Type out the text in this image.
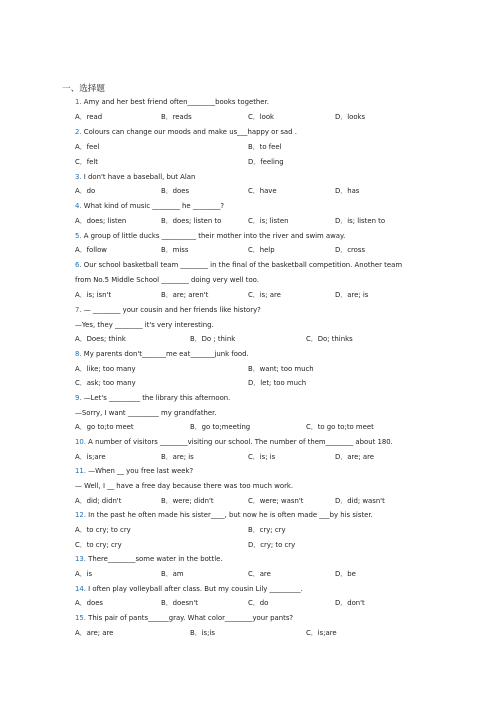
一、选择题
1. Amy and her best friend often________books together.
A．read	B．reads	C．look	D．looks
2. Colours can change our moods and make us___happy or sad .
A．feel	B．to feel
C．felt	D．feeling
3. I don't have a baseball, but Alan
A．do	B．does	C．have	D．has
4. What kind of music ________ he ________?
A．does; listen	B．does; listen to	C．is; listen	D．is; listen to
5. A group of little ducks __________ their mother into the river and swim away.
A．follow	B．miss	C．help	D．cross
6. Our school basketball team ________ in the final of the basketball competition. Another team
from No.5 Middle School ________ doing very well too.
A．is; isn't	B．are; aren't	C．is; are	D．are; is
7. — ________ your cousin and her friends like history?
—Yes, they ________ it's very interesting.
A．Does; think	B．Do ; think	C．Do; thinks
8. My parents don't_______me eat_______junk food.
A．like; too many	B．want; too much
C．ask; too many	D．let; too much
9. —Let's _________ the library this afternoon.
—Sorry, I want _________ my grandfather.
A．go to;to meet	B．go to;meeting	C．to go to;to meet
10. A number of visitors ________visiting our school. The number of them________ about 180.
A．is;are	B．are; is	C．is; is	D．are; are
11. —When __ you free last week?
— Well, I __ have a free day because there was too much work.
A．did; didn't	B．were; didn't	C．were; wasn't	D．did; wasn't
12. In the past he often made his sister____, but now he is often made ___by his sister.
A．to cry; to cry	B．cry; cry
C．to cry; cry	D．cry; to cry
13. There________some water in the bottle.
A．is	B．am	C．are	D．be
14. I often play volleyball after class. But my cousin Lily _________.
A．does	B．doesn't	C．do	D．don't
15. This pair of pants______gray. What color________your pants?
A．are; are	B．is;is	C．is;are
